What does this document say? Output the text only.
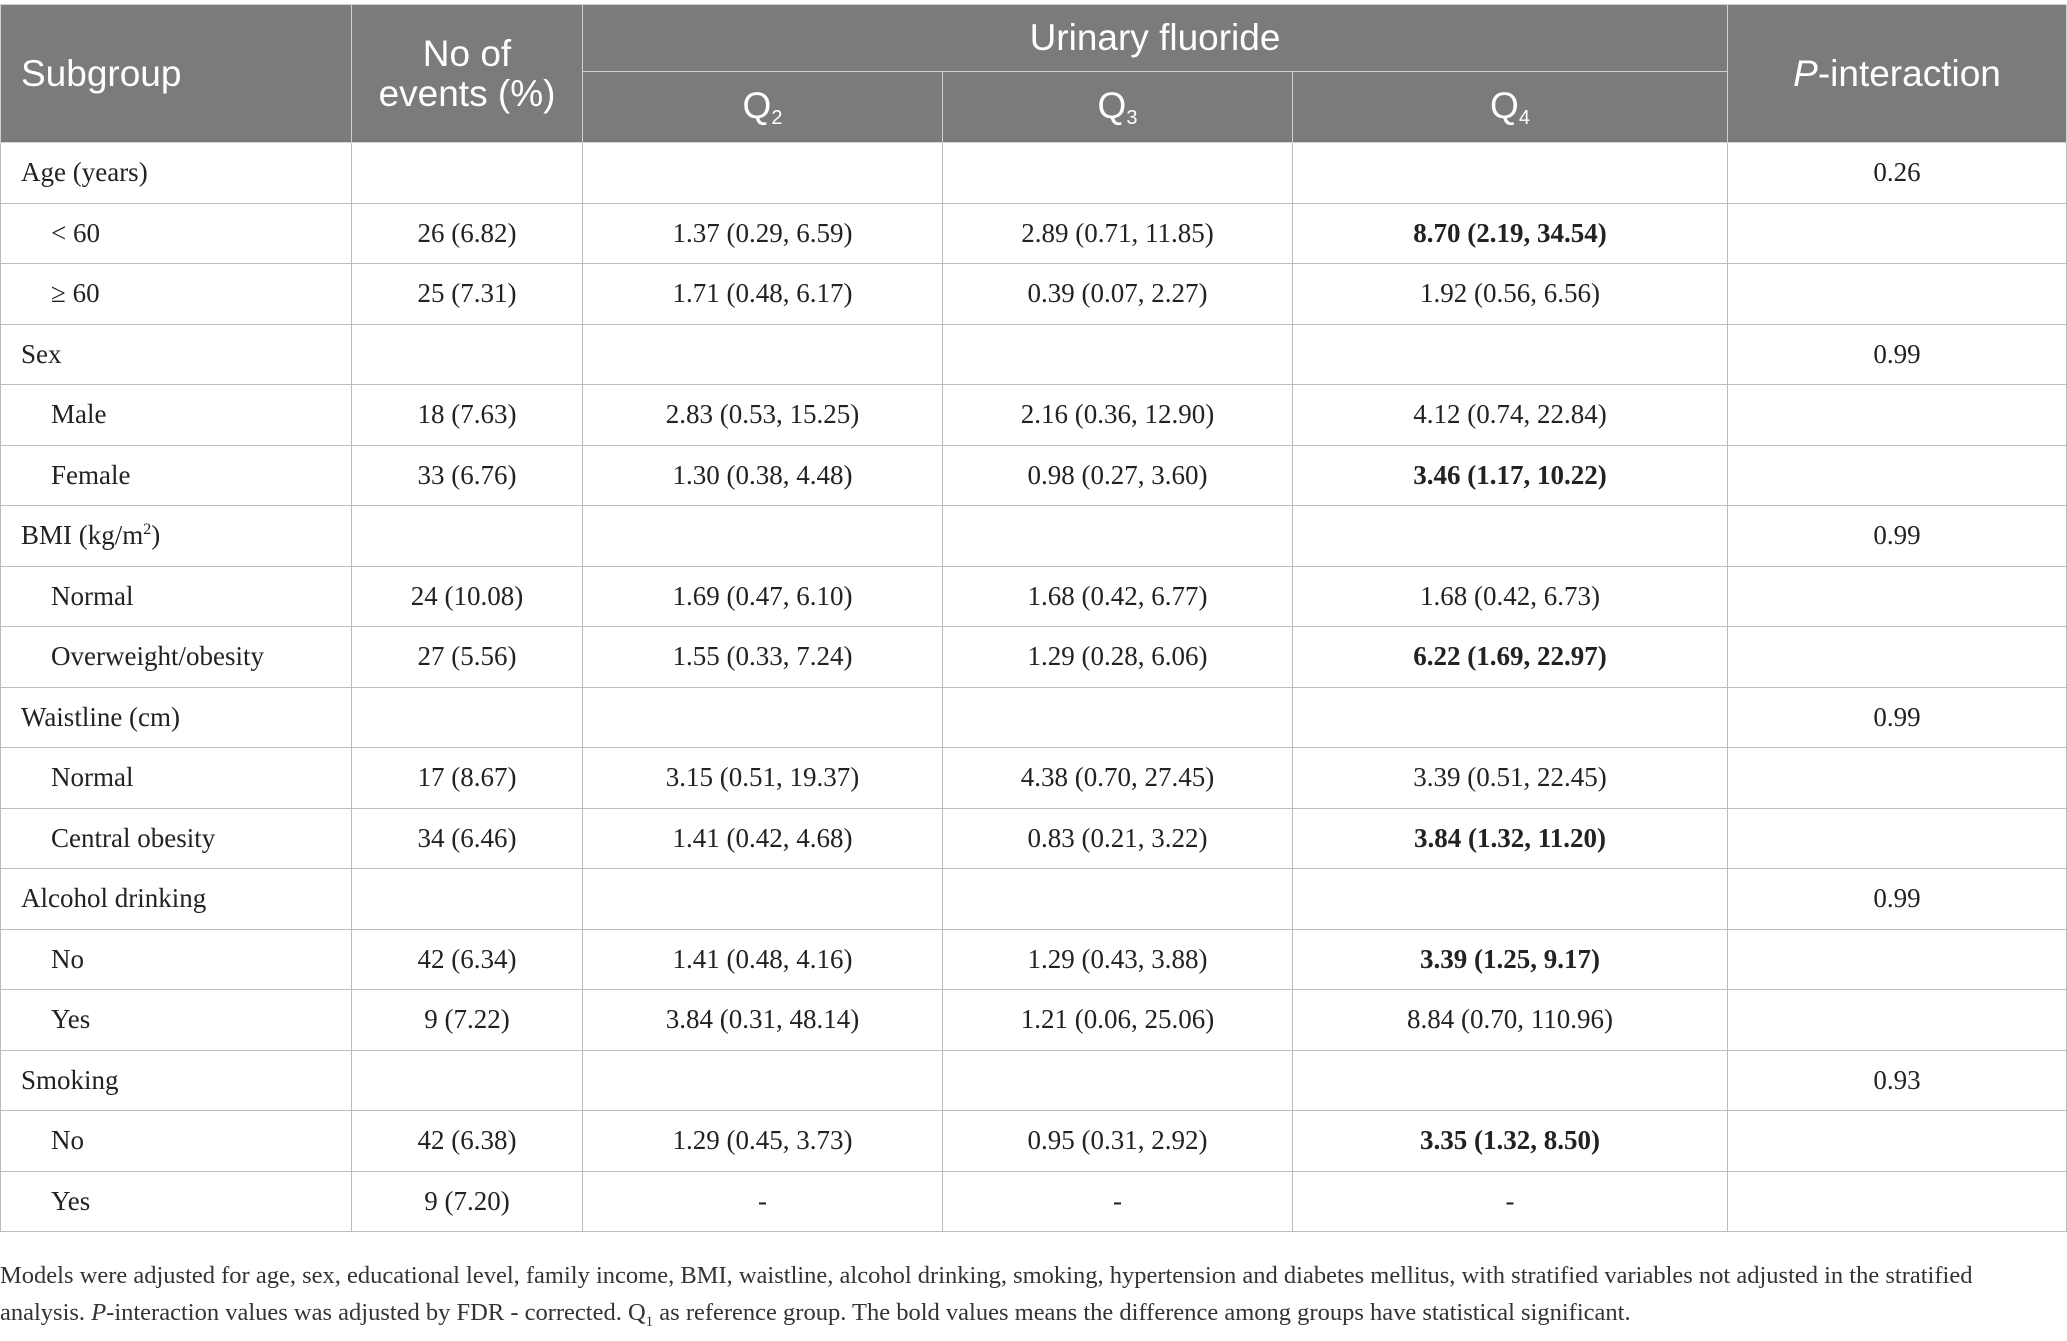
Subgroup	No of events (%)	Urinary fluoride			P-interaction
		$Q_2$	$Q_3$	$Q_4$
Age (years)					0.26
< 60	26 (6.82)	1.37 (0.29, 6.59)	2.89 (0.71, 11.85)	8.70 (2.19, 34.54)	
≥ 60	25 (7.31)	1.71 (0.48, 6.17)	0.39 (0.07, 2.27)	1.92 (0.56, 6.56)	
Sex					0.99
Male	18 (7.63)	2.83 (0.53, 15.25)	2.16 (0.36, 12.90)	4.12 (0.74, 22.84)	
Female	33 (6.76)	1.30 (0.38, 4.48)	0.98 (0.27, 3.60)	3.46 (1.17, 10.22)	
BMI $(kg/m^2)$					0.99
Normal	24 (10.08)	1.69 (0.47, 6.10)	1.68 (0.42, 6.77)	1.68 (0.42, 6.73)	
Overweight/obesity	27 (5.56)	1.55 (0.33, 7.24)	1.29 (0.28, 6.06)	6.22 (1.69, 22.97)	
Waistline (cm)					0.99
Normal	17 (8.67)	3.15 (0.51, 19.37)	4.38 (0.70, 27.45)	3.39 (0.51, 22.45)	
Central obesity	34 (6.46)	1.41 (0.42, 4.68)	0.83 (0.21, 3.22)	3.84 (1.32, 11.20)	
Alcohol drinking					0.99
No	42 (6.34)	1.41 (0.48, 4.16)	1.29 (0.43, 3.88)	3.39 (1.25, 9.17)	
Yes	9 (7.22)	3.84 (0.31, 48.14)	1.21 (0.06, 25.06)	8.84 (0.70, 110.96)	
Smoking					0.93
No	42 (6.38)	1.29 (0.45, 3.73)	0.95 (0.31, 2.92)	3.35 (1.32, 8.50)	
Yes	9 (7.20)	-	-	-	
Models were adjusted for age, sex, educational level, family income, BMI, waistline, alcohol drinking, smoking, hypertension and diabetes mellitus, with stratified variables not adjusted in the stratified analysis. P-interaction values was adjusted by FDR - corrected. $Q_1$ as reference group. The bold values means the difference among groups have statistical significant.
